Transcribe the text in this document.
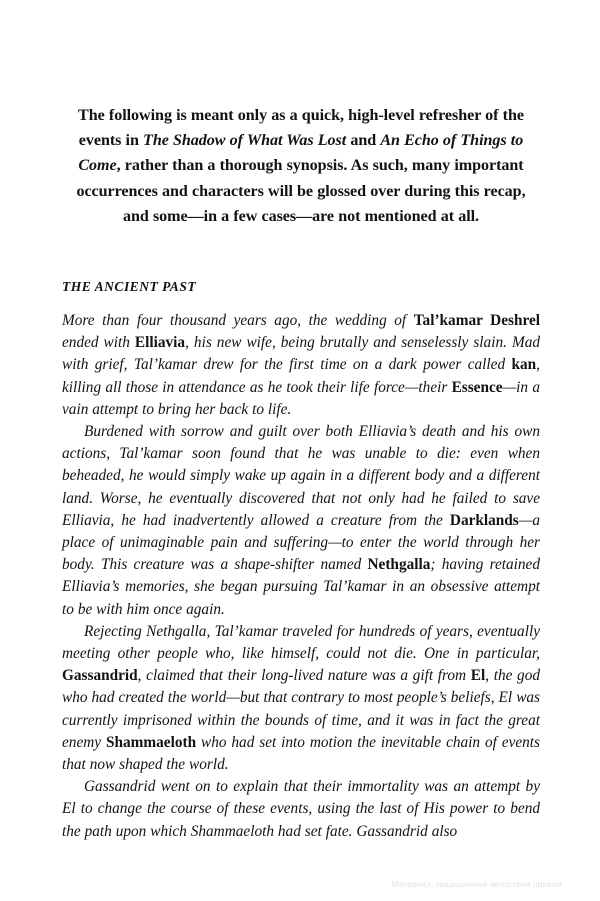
The following is meant only as a quick, high-level refresher of the events in The Shadow of What Was Lost and An Echo of Things to Come, rather than a thorough synopsis. As such, many important occurrences and characters will be glossed over during this recap, and some—in a few cases—are not mentioned at all.

THE ANCIENT PAST

More than four thousand years ago, the wedding of Tal’kamar Deshrel ended with Elliavia, his new wife, being brutally and senselessly slain. Mad with grief, Tal’kamar drew for the first time on a dark power called kan, killing all those in attendance as he took their life force—their Essence—in a vain attempt to bring her back to life.

Burdened with sorrow and guilt over both Elliavia’s death and his own actions, Tal’kamar soon found that he was unable to die: even when beheaded, he would simply wake up again in a different body and a different land. Worse, he eventually discovered that not only had he failed to save Elliavia, he had inadvertently allowed a creature from the Darklands—a place of unimaginable pain and suffering—to enter the world through her body. This creature was a shape-shifter named Nethgalla; having retained Elliavia’s memories, she began pursuing Tal’kamar in an obsessive attempt to be with him once again.

Rejecting Nethgalla, Tal’kamar traveled for hundreds of years, eventually meeting other people who, like himself, could not die. One in particular, Gassandrid, claimed that their long-lived nature was a gift from El, the god who had created the world—but that contrary to most people’s beliefs, El was currently imprisoned within the bounds of time, and it was in fact the great enemy Shammaeloth who had set into motion the inevitable chain of events that now shaped the world.

Gassandrid went on to explain that their immortality was an attempt by El to change the course of these events, using the last of His power to bend the path upon which Shammaeloth had set fate. Gassandrid also

Материал, защищенный авторским правом
